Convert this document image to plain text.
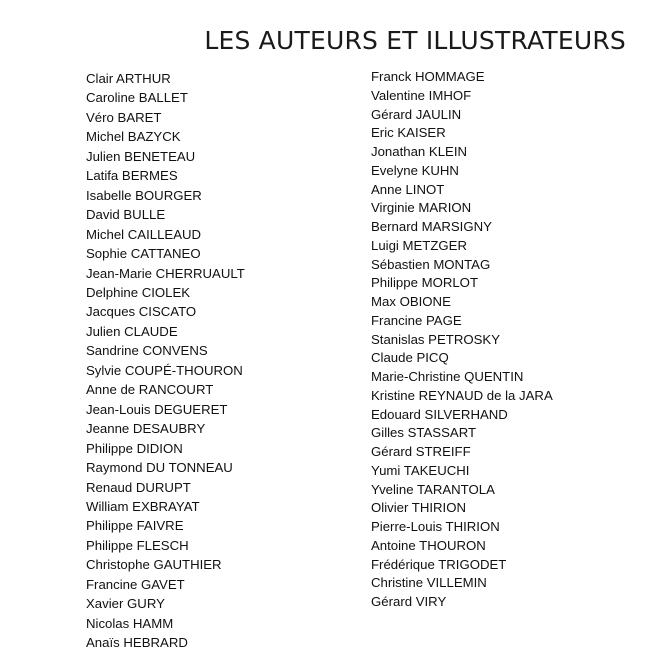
LES AUTEURS ET ILLUSTRATEURS
Clair ARTHUR
Caroline BALLET
Véro BARET
Michel BAZYCK
Julien BENETEAU
Latifa BERMES
Isabelle BOURGER
David BULLE
Michel CAILLEAUD
Sophie CATTANEO
Jean-Marie CHERRUAULT
Delphine CIOLEK
Jacques CISCATO
Julien CLAUDE
Sandrine CONVENS
Sylvie COUPÉ-THOURON
Anne de RANCOURT
Jean-Louis DEGUERET
Jeanne DESAUBRY
Philippe DIDION
Raymond DU TONNEAU
Renaud DURUPT
William EXBRAYAT
Philippe FAIVRE
Philippe FLESCH
Christophe GAUTHIER
Francine GAVET
Xavier GURY
Nicolas HAMM
Anaïs HEBRARD
Franck HOMMAGE
Valentine IMHOF
Gérard JAULIN
Eric KAISER
Jonathan KLEIN
Evelyne KUHN
Anne LINOT
Virginie MARION
Bernard MARSIGNY
Luigi METZGER
Sébastien MONTAG
Philippe MORLOT
Max OBIONE
Francine PAGE
Stanislas PETROSKY
Claude PICQ
Marie-Christine QUENTIN
Kristine REYNAUD de la JARA
Edouard SILVERHAND
Gilles STASSART
Gérard STREIFF
Yumi TAKEUCHI
Yveline TARANTOLA
Olivier THIRION
Pierre-Louis THIRION
Antoine THOURON
Frédérique TRIGODET
Christine VILLEMIN
Gérard VIRY
